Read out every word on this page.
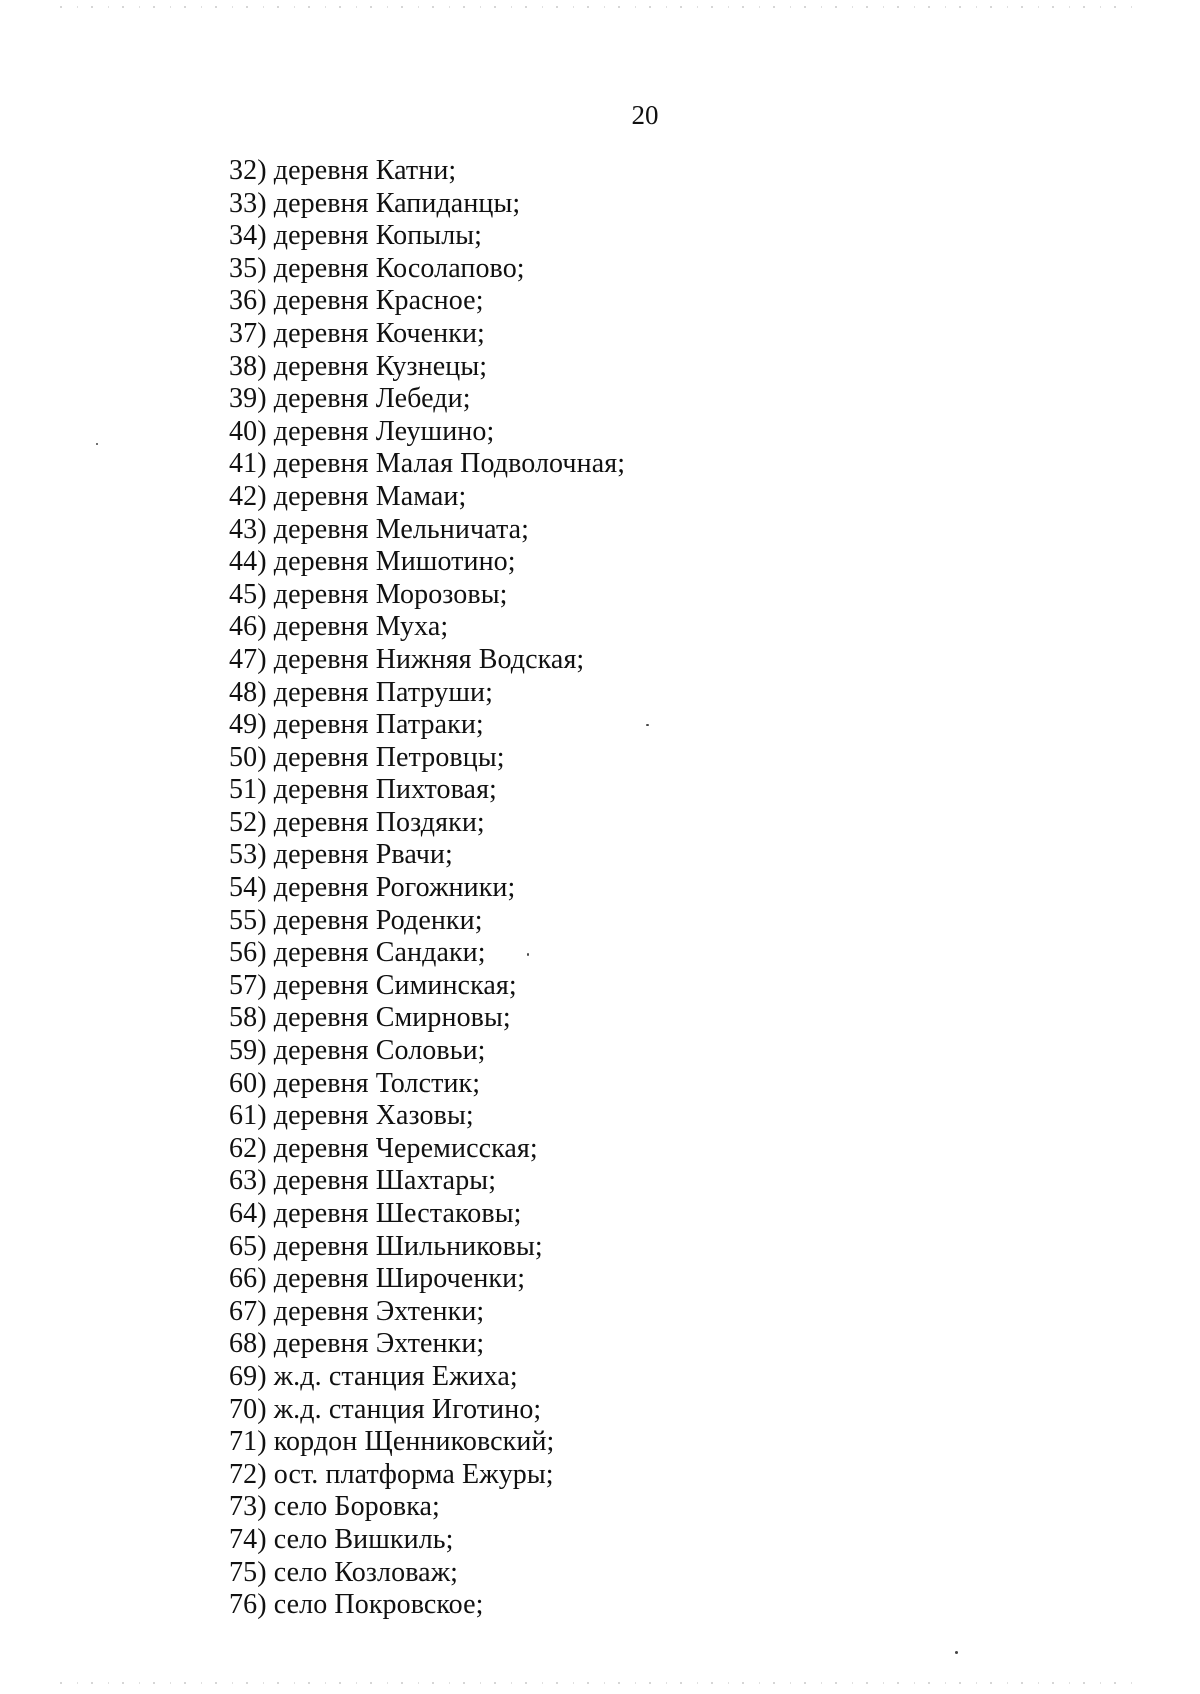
20
32) деревня Катни;
33) деревня Капиданцы;
34) деревня Копылы;
35) деревня Косолапово;
36) деревня Красное;
37) деревня Коченки;
38) деревня Кузнецы;
39) деревня Лебеди;
40) деревня Леушино;
41) деревня Малая Подволочная;
42) деревня Мамаи;
43) деревня Мельничата;
44) деревня Мишотино;
45) деревня Морозовы;
46) деревня Муха;
47) деревня Нижняя Водская;
48) деревня Патруши;
49) деревня Патраки;
50) деревня Петровцы;
51) деревня Пихтовая;
52) деревня Поздяки;
53) деревня Рвачи;
54) деревня Рогожники;
55) деревня Роденки;
56) деревня Сандаки;
57) деревня Симинская;
58) деревня Смирновы;
59) деревня Соловьи;
60) деревня Толстик;
61) деревня Хазовы;
62) деревня Черемисская;
63) деревня Шахтары;
64) деревня Шестаковы;
65) деревня Шильниковы;
66) деревня Широченки;
67) деревня Эхтенки;
68) деревня Эхтенки;
69) ж.д. станция Ежиха;
70) ж.д. станция Иготино;
71) кордон Щенниковский;
72) ост. платформа Ежуры;
73) село Боровка;
74) село Вишкиль;
75) село Козловаж;
76) село Покровское;
